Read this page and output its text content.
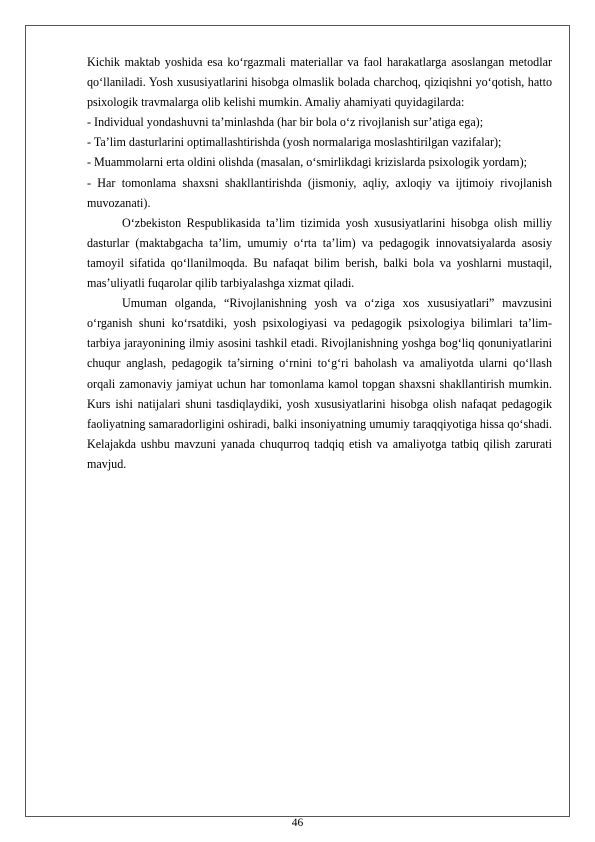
Kichik maktab yoshida esa ko‘rgazmali materiallar va faol harakatlarga asoslangan metodlar qo‘llaniladi. Yosh xususiyatlarini hisobga olmaslik bolada charchoq, qiziqishni yo‘qotish, hatto psixologik travmalarga olib kelishi mumkin. Amaliy ahamiyati quyidagilarda:

- Individual yondashuvni ta’minlashda (har bir bola o‘z rivojlanish sur’atiga ega);

- Ta’lim dasturlarini optimallashtirishda (yosh normalariga moslashtirilgan vazifalar);

- Muammolarni erta oldini olishda (masalan, o‘smirlikdagi krizislarda psixologik yordam);

- Har tomonlama shaxsni shakllantirishda (jismoniy, aqliy, axloqiy va ijtimoiy rivojlanish muvozanati).

O‘zbekiston Respublikasida ta’lim tizimida yosh xususiyatlarini hisobga olish milliy dasturlar (maktabgacha ta’lim, umumiy o‘rta ta’lim) va pedagogik innovatsiyalarda asosiy tamoyil sifatida qo‘llanilmoqda. Bu nafaqat bilim berish, balki bola va yoshlarni mustaqil, mas’uliyatli fuqarolar qilib tarbiyalashga xizmat qiladi.

Umuman olganda, “Rivojlanishning yosh va o‘ziga xos xususiyatlari” mavzusini o‘rganish shuni ko‘rsatdiki, yosh psixologiyasi va pedagogik psixologiya bilimlari ta’lim-tarbiya jarayonining ilmiy asosini tashkil etadi. Rivojlanishning yoshga bog‘liq qonuniyatlarini chuqur anglash, pedagogik ta’sirning o‘rnini to‘g‘ri baholash va amaliyotda ularni qo‘llash orqali zamonaviy jamiyat uchun har tomonlama kamol topgan shaxsni shakllantirish mumkin. Kurs ishi natijalari shuni tasdiqlaydiki, yosh xususiyatlarini hisobga olish nafaqat pedagogik faoliyatning samaradorligini oshiradi, balki insoniyatning umumiy taraqqiyotiga hissa qo‘shadi. Kelajakda ushbu mavzuni yanada chuqurroq tadqiq etish va amaliyotga tatbiq qilish zarurati mavjud.

46
